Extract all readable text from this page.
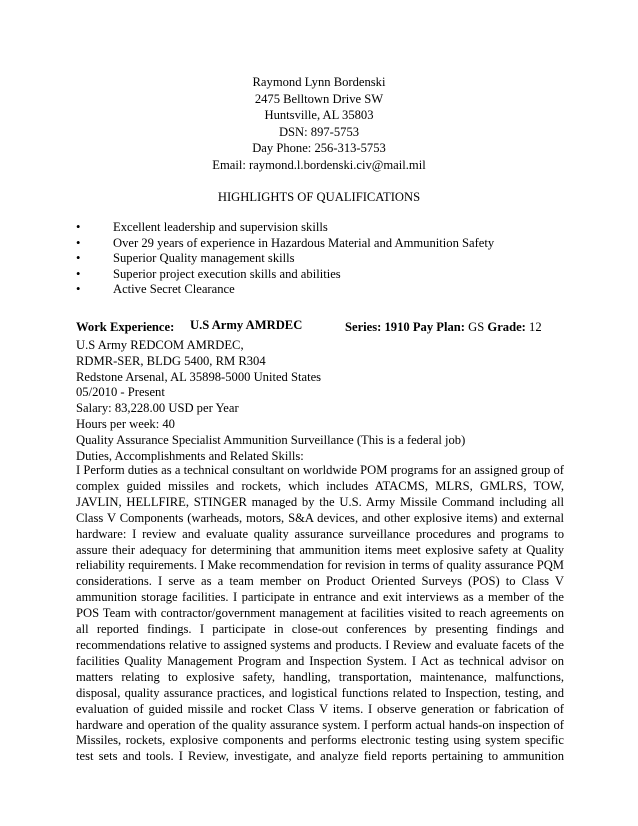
Raymond Lynn Bordenski
2475 Belltown Drive SW
Huntsville, AL 35803
DSN: 897-5753
Day Phone: 256-313-5753
Email: raymond.l.bordenski.civ@mail.mil
HIGHLIGHTS OF QUALIFICATIONS
•	Excellent leadership and supervision skills
•	Over 29 years of experience in Hazardous Material and Ammunition Safety
•	Superior Quality management skills
•	Superior project execution skills and abilities
•	Active Secret Clearance
Work Experience: U.S Army AMRDEC	Series: 1910 Pay Plan: GS Grade: 12
U.S Army REDCOM AMRDEC,
RDMR-SER, BLDG 5400, RM R304
Redstone Arsenal, AL 35898-5000 United States
05/2010 - Present
Salary: 83,228.00 USD per Year
Hours per week: 40
Quality Assurance Specialist Ammunition Surveillance (This is a federal job)
Duties, Accomplishments and Related Skills:
I Perform duties as a technical consultant on worldwide POM programs for an assigned group of
complex guided missiles and rockets, which includes ATACMS, MLRS, GMLRS, TOW,
JAVLIN, HELLFIRE, STINGER managed by the U.S. Army Missile Command including all
Class V Components (warheads, motors, S&A devices, and other explosive items) and external
hardware: I review and evaluate quality assurance surveillance procedures and programs to
assure their adequacy for determining that ammunition items meet explosive safety at Quality
reliability requirements. I Make recommendation for revision in terms of quality assurance PQM
considerations. I serve as a team member on Product Oriented Surveys (POS) to Class V
ammunition storage facilities. I participate in entrance and exit interviews as a member of the
POS Team with contractor/government management at facilities visited to reach agreements on
all reported findings. I participate in close-out conferences by presenting findings and
recommendations relative to assigned systems and products. I Review and evaluate facets of the
facilities Quality Management Program and Inspection System. I Act as technical advisor on
matters relating to explosive safety, handling, transportation, maintenance, malfunctions,
disposal, quality assurance practices, and logistical functions related to Inspection, testing, and
evaluation of guided missile and rocket Class V items. I observe generation or fabrication of
hardware and operation of the quality assurance system. I perform actual hands-on inspection of
Missiles, rockets, explosive components and performs electronic testing using system specific
test sets and tools. I Review, investigate, and analyze field reports pertaining to ammunition
